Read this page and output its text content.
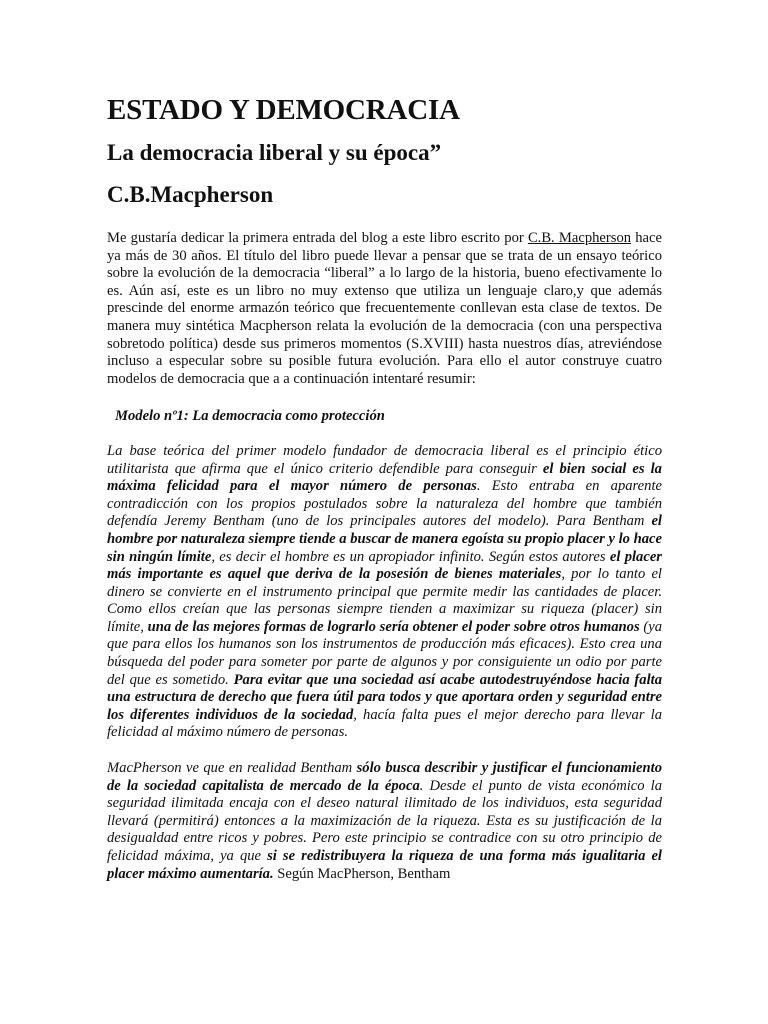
ESTADO Y DEMOCRACIA
La democracia liberal y su época”
C.B.Macpherson

Me gustaría dedicar la primera entrada del blog a este libro escrito por C.B. Macpherson hace ya más de 30 años. El título del libro puede llevar a pensar que se trata de un ensayo teórico sobre la evolución de la democracia “liberal” a lo largo de la historia, bueno efectivamente lo es. Aún así, este es un libro no muy extenso que utiliza un lenguaje claro,y que además prescinde del enorme armazón teórico que frecuentemente conllevan esta clase de textos. De manera muy sintética Macpherson relata la evolución de la democracia (con una perspectiva sobretodo política) desde sus primeros momentos (S.XVIII) hasta nuestros días, atreviéndose incluso a especular sobre su posible futura evolución. Para ello el autor construye cuatro modelos de democracia que a a continuación intentaré resumir:

Modelo nº1: La democracia como protección

La base teórica del primer modelo fundador de democracia liberal es el principio ético utilitarista que afirma que el único criterio defendible para conseguir el bien social es la máxima felicidad para el mayor número de personas. Esto entraba en aparente contradicción con los propios postulados sobre la naturaleza del hombre que también defendía Jeremy Bentham (uno de los principales autores del modelo). Para Bentham el hombre por naturaleza siempre tiende a buscar de manera egoísta su propio placer y lo hace sin ningún límite, es decir el hombre es un apropiador infinito. Según estos autores el placer más importante es aquel que deriva de la posesión de bienes materiales, por lo tanto el dinero se convierte en el instrumento principal que permite medir las cantidades de placer. Como ellos creían que las personas siempre tienden a maximizar su riqueza (placer) sin límite, una de las mejores formas de lograrlo sería obtener el poder sobre otros humanos (ya que para ellos los humanos son los instrumentos de producción más eficaces). Esto crea una búsqueda del poder para someter por parte de algunos y por consiguiente un odio por parte del que es sometido. Para evitar que una sociedad así acabe autodestruyéndose hacia falta una estructura de derecho que fuera útil para todos y que aportara orden y seguridad entre los diferentes individuos de la sociedad, hacía falta pues el mejor derecho para llevar la felicidad al máximo número de personas.

MacPherson ve que en realidad Bentham sólo busca describir y justificar el funcionamiento de la sociedad capitalista de mercado de la época. Desde el punto de vista económico la seguridad ilimitada encaja con el deseo natural ilimitado de los individuos, esta seguridad llevará (permitirá) entonces a la maximización de la riqueza. Esta es su justificación de la desigualdad entre ricos y pobres. Pero este principio se contradice con su otro principio de felicidad máxima, ya que si se redistribuyera la riqueza de una forma más igualitaria el placer máximo aumentaría. Según MacPherson, Bentham
